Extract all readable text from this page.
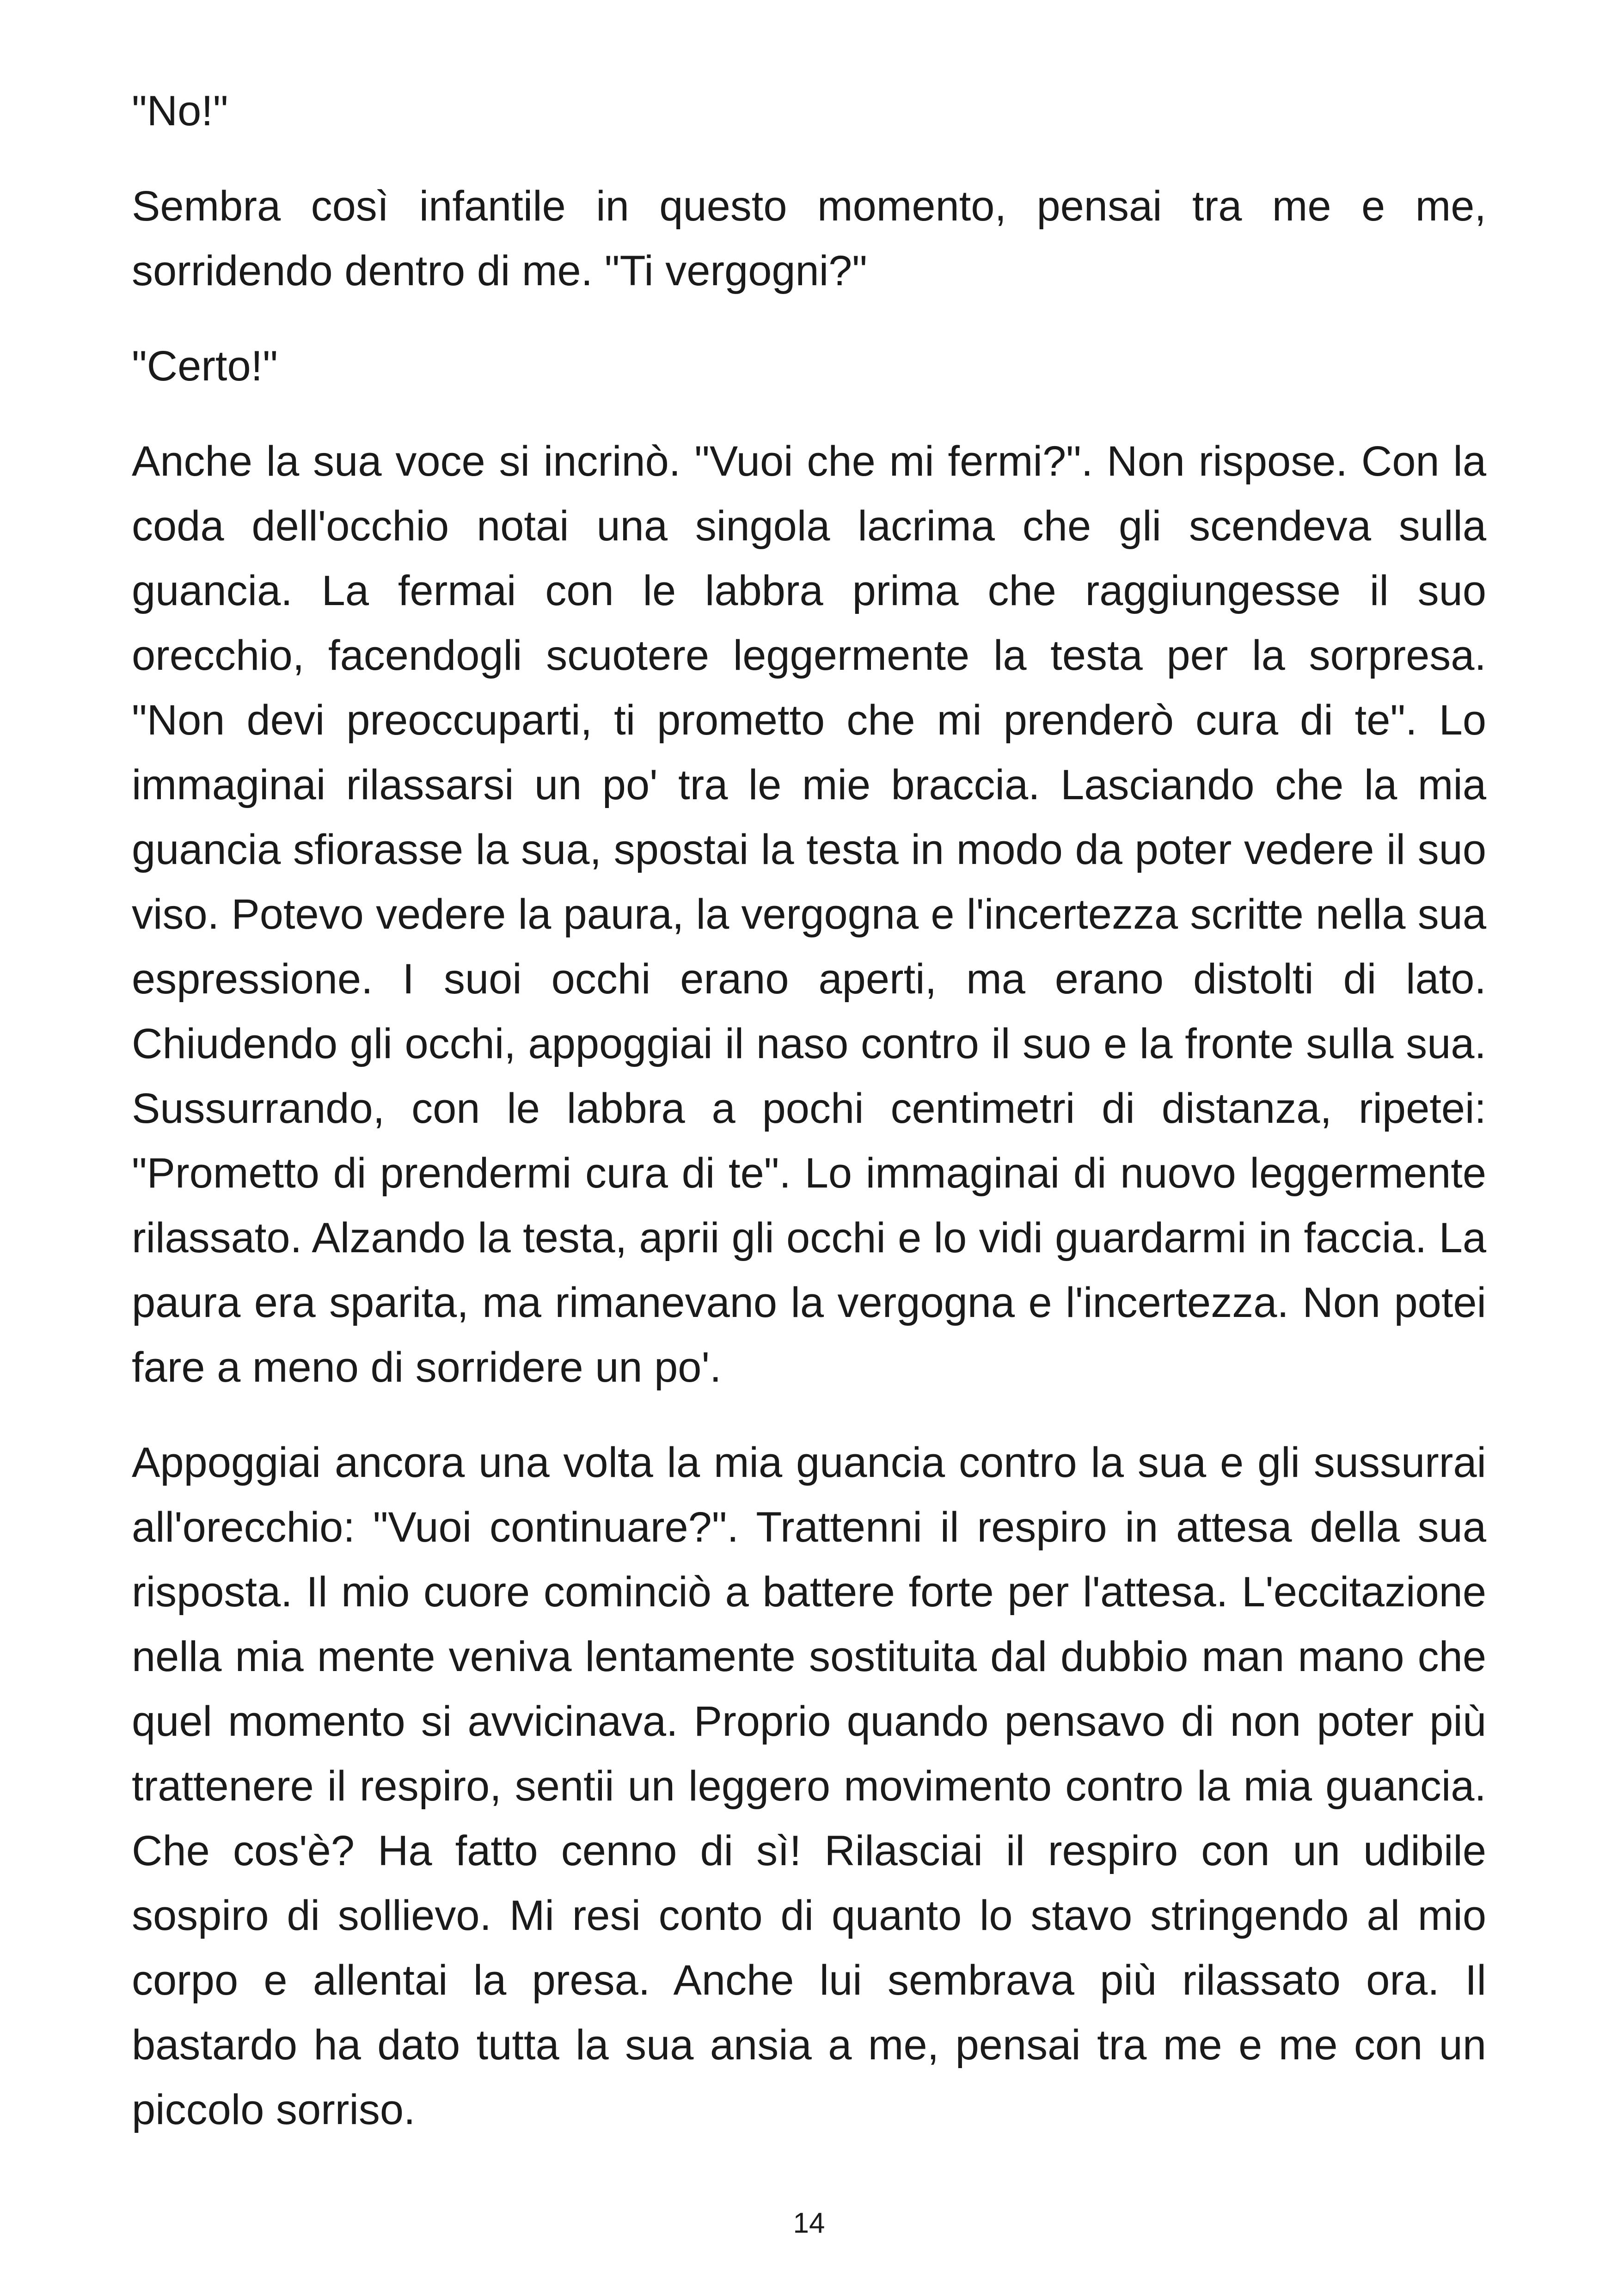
"No!"

Sembra così infantile in questo momento, pensai tra me e me, sorridendo dentro di me. "Ti vergogni?"

"Certo!"

Anche la sua voce si incrinò. "Vuoi che mi fermi?". Non rispose. Con la coda dell'occhio notai una singola lacrima che gli scendeva sulla guancia. La fermai con le labbra prima che raggiungesse il suo orecchio, facendogli scuotere leggermente la testa per la sorpresa. "Non devi preoccuparti, ti prometto che mi prenderò cura di te". Lo immaginai rilassarsi un po' tra le mie braccia. Lasciando che la mia guancia sfiorasse la sua, spostai la testa in modo da poter vedere il suo viso. Potevo vedere la paura, la vergogna e l'incertezza scritte nella sua espressione. I suoi occhi erano aperti, ma erano distolti di lato. Chiudendo gli occhi, appoggiai il naso contro il suo e la fronte sulla sua. Sussurrando, con le labbra a pochi centimetri di distanza, ripetei: "Prometto di prendermi cura di te". Lo immaginai di nuovo leggermente rilassato. Alzando la testa, aprii gli occhi e lo vidi guardarmi in faccia. La paura era sparita, ma rimanevano la vergogna e l'incertezza. Non potei fare a meno di sorridere un po'.

Appoggiai ancora una volta la mia guancia contro la sua e gli sussurrai all'orecchio: "Vuoi continuare?". Trattenni il respiro in attesa della sua risposta. Il mio cuore cominciò a battere forte per l'attesa. L'eccitazione nella mia mente veniva lentamente sostituita dal dubbio man mano che quel momento si avvicinava. Proprio quando pensavo di non poter più trattenere il respiro, sentii un leggero movimento contro la mia guancia. Che cos'è? Ha fatto cenno di sì! Rilasciai il respiro con un udibile sospiro di sollievo. Mi resi conto di quanto lo stavo stringendo al mio corpo e allentai la presa. Anche lui sembrava più rilassato ora. Il bastardo ha dato tutta la sua ansia a me, pensai tra me e me con un piccolo sorriso.

14
